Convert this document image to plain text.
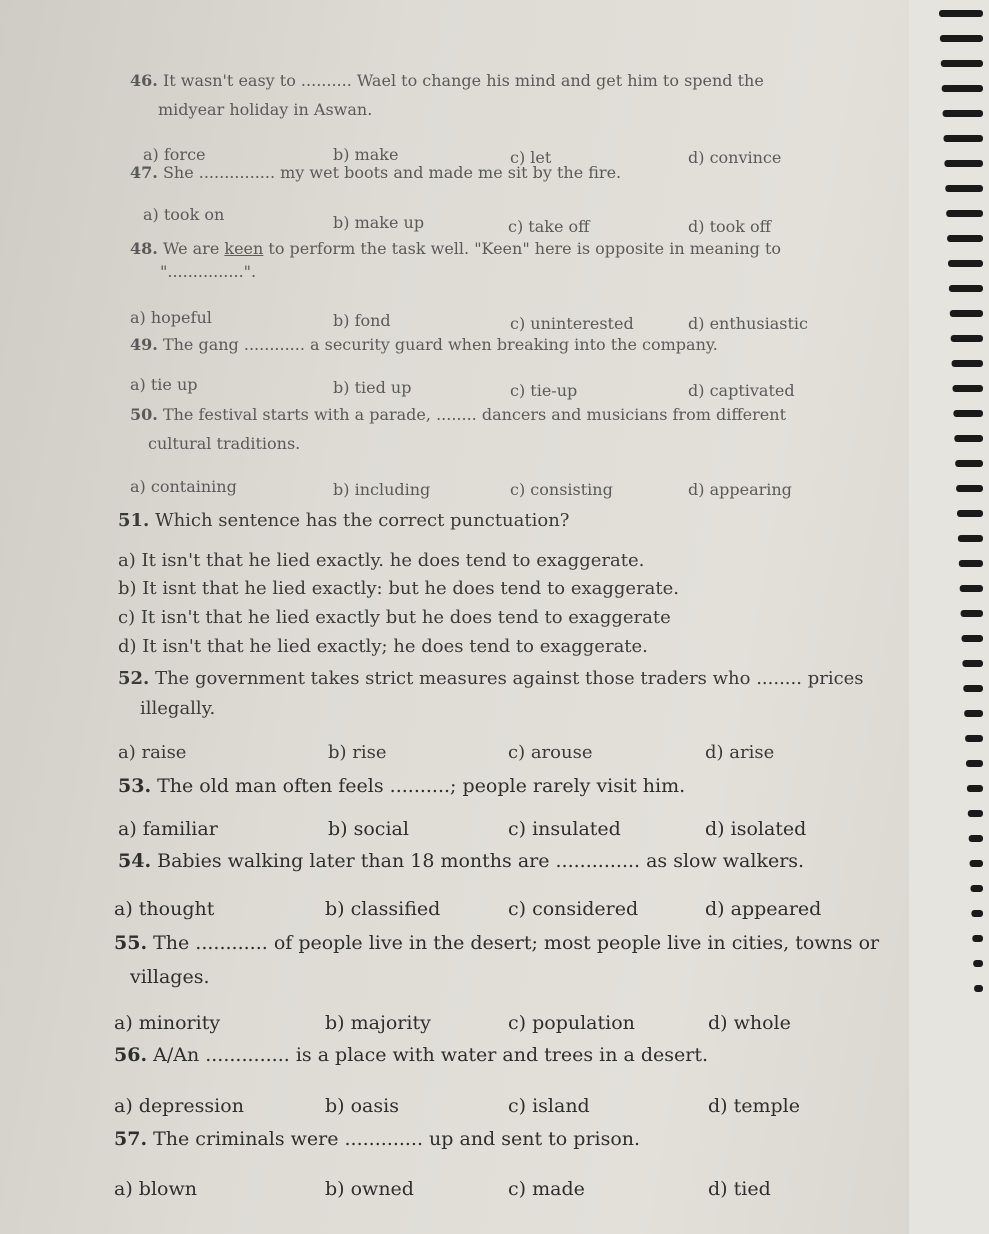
46. It wasn't easy to .......... Wael to change his mind and get him to spend the
midyear holiday in Aswan.
a) force	b) make	c) let	d) convince
47. She ............... my wet boots and made me sit by the fire.
a) took on	b) make up	c) take off	d) took off
48. We are keen to perform the task well. "Keen" here is opposite in meaning to
"...............".
a) hopeful	b) fond	c) uninterested	d) enthusiastic
49. The gang ............ a security guard when breaking into the company.
a) tie up	b) tied up	c) tie-up	d) captivated
50. The festival starts with a parade, ........ dancers and musicians from different
cultural traditions.
a) containing	b) including	c) consisting	d) appearing
51. Which sentence has the correct punctuation?
a) It isn't that he lied exactly. he does tend to exaggerate.
b) It isnt that he lied exactly: but he does tend to exaggerate.
c) It isn't that he lied exactly but he does tend to exaggerate
d) It isn't that he lied exactly; he does tend to exaggerate.
52. The government takes strict measures against those traders who ........ prices
illegally.
a) raise	b) rise	c) arouse	d) arise
53. The old man often feels ..........; people rarely visit him.
a) familiar	b) social	c) insulated	d) isolated
54. Babies walking later than 18 months are .............. as slow walkers.
a) thought	b) classified	c) considered	d) appeared
55. The ............ of people live in the desert; most people live in cities, towns or
villages.
a) minority	b) majority	c) population	d) whole
56. A/An .............. is a place with water and trees in a desert.
a) depression	b) oasis	c) island	d) temple
57. The criminals were ............. up and sent to prison.
a) blown	b) owned	c) made	d) tied
